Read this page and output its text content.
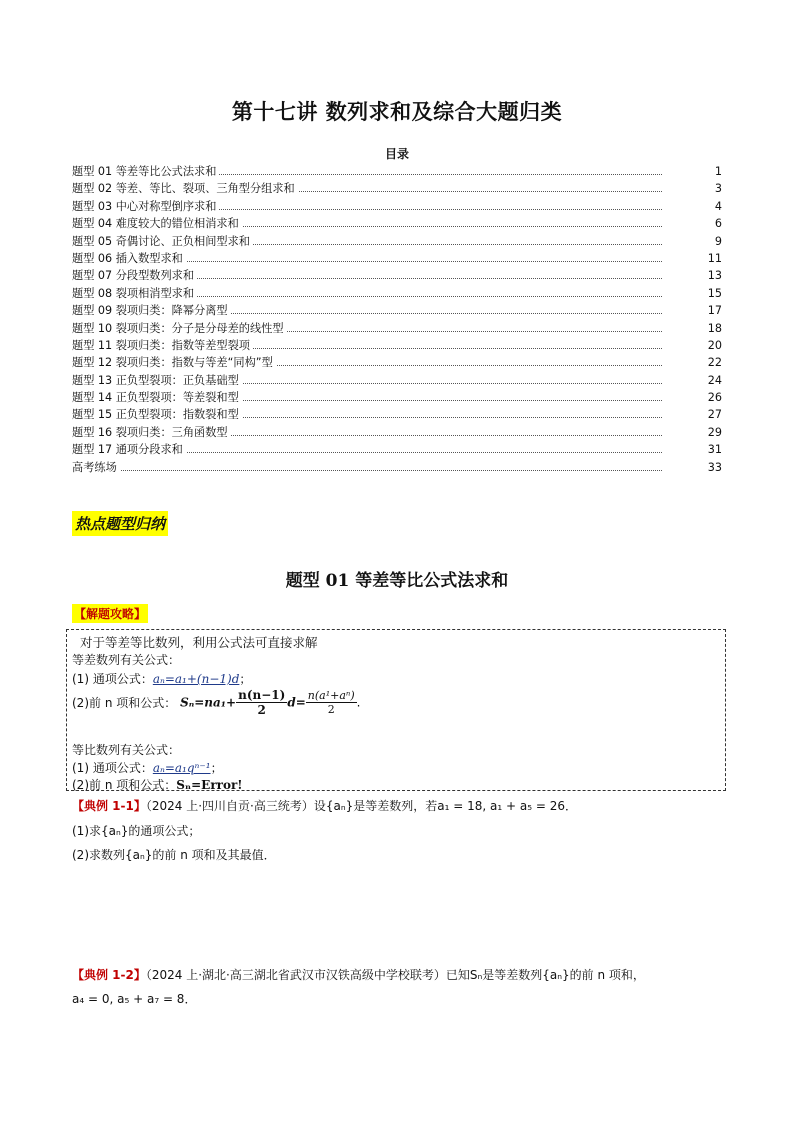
第十七讲 数列求和及综合大题归类
目录
题型 01 等差等比公式法求和	1
题型 02 等差、等比、裂项、三角型分组求和	3
题型 03 中心对称型倒序求和	4
题型 04 难度较大的错位相消求和	6
题型 05 奇偶讨论、正负相间型求和	9
题型 06 插入数型求和	11
题型 07 分段型数列求和	13
题型 08 裂项相消型求和	15
题型 09 裂项归类：降幂分离型	17
题型 10 裂项归类：分子是分母差的线性型	18
题型 11 裂项归类：指数等差型裂项	20
题型 12 裂项归类：指数与等差“同构”型	22
题型 13 正负型裂项：正负基础型	24
题型 14 正负型裂项：等差裂和型	26
题型 15 正负型裂项：指数裂和型	27
题型 16 裂项归类：三角函数型	29
题型 17 通项分段求和	31
高考练场	33
热点题型归纳
题型 01 等差等比公式法求和
【解题攻略】
对于等差等比数列，利用公式法可直接求解
等差数列有关公式：
(1) 通项公式：aₙ=a₁+(n−1)d；
(2)前 n 项和公式： $S_n=na_1+ \frac{n(n-1)}{2} d= \frac{\text{n(a¹+aⁿ)}}{2}$ .
等比数列有关公式：
(1) 通项公式：aₙ=a₁qⁿ⁻¹；
(2)前 n 项和公式：Sₙ=Error!
【典例 1-1】（2024 上·四川自贡·高三统考）设{aₙ}是等差数列，若a₁ = 18, a₁ + a₅ = 26．
(1)求{aₙ}的通项公式；
(2)求数列{aₙ}的前 n 项和及其最值．
【典例 1-2】（2024 上·湖北·高三湖北省武汉市汉铁高级中学校联考）已知Sₙ是等差数列{aₙ}的前 n 项和，
a₄ = 0, a₅ + a₇ = 8．
